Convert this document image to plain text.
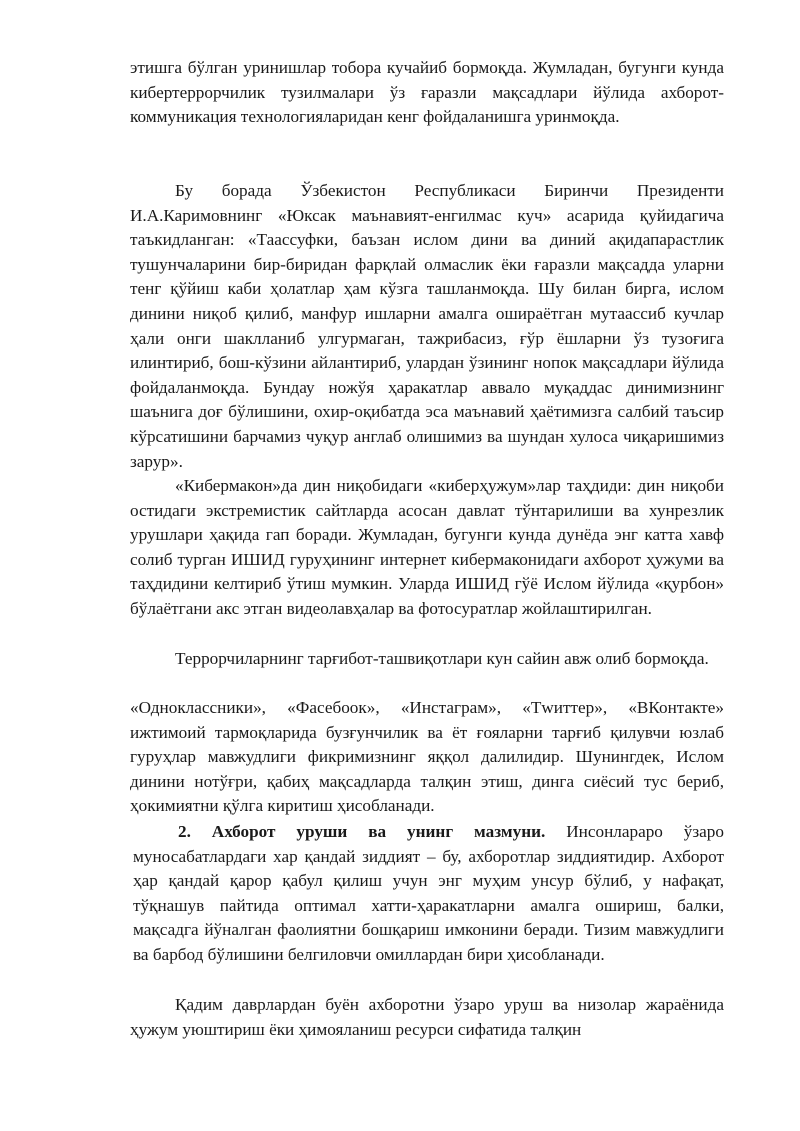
этишга бўлган уринишлар тобора кучайиб бормоқда. Жумладан, бугунги кунда кибертеррорчилик тузилмалари ўз ғаразли мақсадлари йўлида ахборот- коммуникация технологияларидан кенг фойдаланишга уринмоқда.

Бу борада Ўзбекистон Республикаси Биринчи Президенти И.А.Каримовнинг «Юксак маънавият-енгилмас куч» асарида қуйидагича таъкидланган: «Таассуфки, баъзан ислом дини ва диний ақидапарастлик тушунчаларини бир-биридан фарқлай олмаслик ёки ғаразли мақсадда уларни тенг қўйиш каби ҳолатлар ҳам кўзга ташланмоқда. Шу билан бирга, ислом динини ниқоб қилиб, манфур ишларни амалга ошираётган мутаассиб кучлар ҳали онги шаклланиб улгурмаган, тажрибасиз, ғўр ёшларни ўз тузоғига илинтириб, бош-кўзини айлантириб, улардан ўзининг нопок мақсадлари йўлида фойдаланмоқда. Бундау ножўя ҳаракатлар аввало муқаддас динимизнинг шаънига доғ бўлишини, охир-оқибатда эса маънавий ҳаётимизга салбий таъсир кўрсатишини барчамиз чуқур англаб олишимиз ва шундан хулоса чиқаришимиз зарур».

«Кибермакон»да дин ниқобидаги «киберҳужум»лар таҳдиди: дин ниқоби остидаги экстремистик сайтларда асосан давлат тўнтарилиши ва хунрезлик урушлари ҳақида гап боради. Жумладан, бугунги кунда дунёда энг катта хавф солиб турган ИШИД гуруҳининг интернет кибермаконидаги ахборот ҳужуми ва таҳдидини келтириб ўтиш мумкин. Уларда ИШИД гўё Ислом йўлида «қурбон» бўлаётгани акс этган видеолавҳалар ва фотосуратлар жойлаштирилган.

Террорчиларнинг тарғибот-ташвиқотлари кун сайин авж олиб бормоқда.

«Одноклассники», «Фасебоок», «Инстаграм», «Тwиттер», «ВКонтакте» ижтимоий тармоқларида бузғунчилик ва ёт ғояларни тарғиб қилувчи юзлаб гуруҳлар мавжудлиги фикримизнинг яққол далилидир. Шунингдек, Ислом динини нотўғри, қабиҳ мақсадларда талқин этиш, динга сиёсий тус бериб, ҳокимиятни қўлга киритиш ҳисобланади.

2. Ахборот уруши ва унинг мазмуни. Инсонлараро ўзаро муносабатлардаги хар қандай зиддият – бу, ахборотлар зиддиятидир. Ахборот ҳар қандай қарор қабул қилиш учун энг муҳим унсур бўлиб, у нафақат, тўқнашув пайтида оптимал хатти-ҳаракатларни амалга ошириш, балки, мақсадга йўналган фаолиятни бошқариш имконини беради. Тизим мавжудлиги ва барбод бўлишини белгиловчи омиллардан бири ҳисобланади.

Қадим даврлардан буён ахборотни ўзаро уруш ва низолар жараёнида ҳужум уюштириш ёки ҳимояланиш ресурси сифатида талқин
